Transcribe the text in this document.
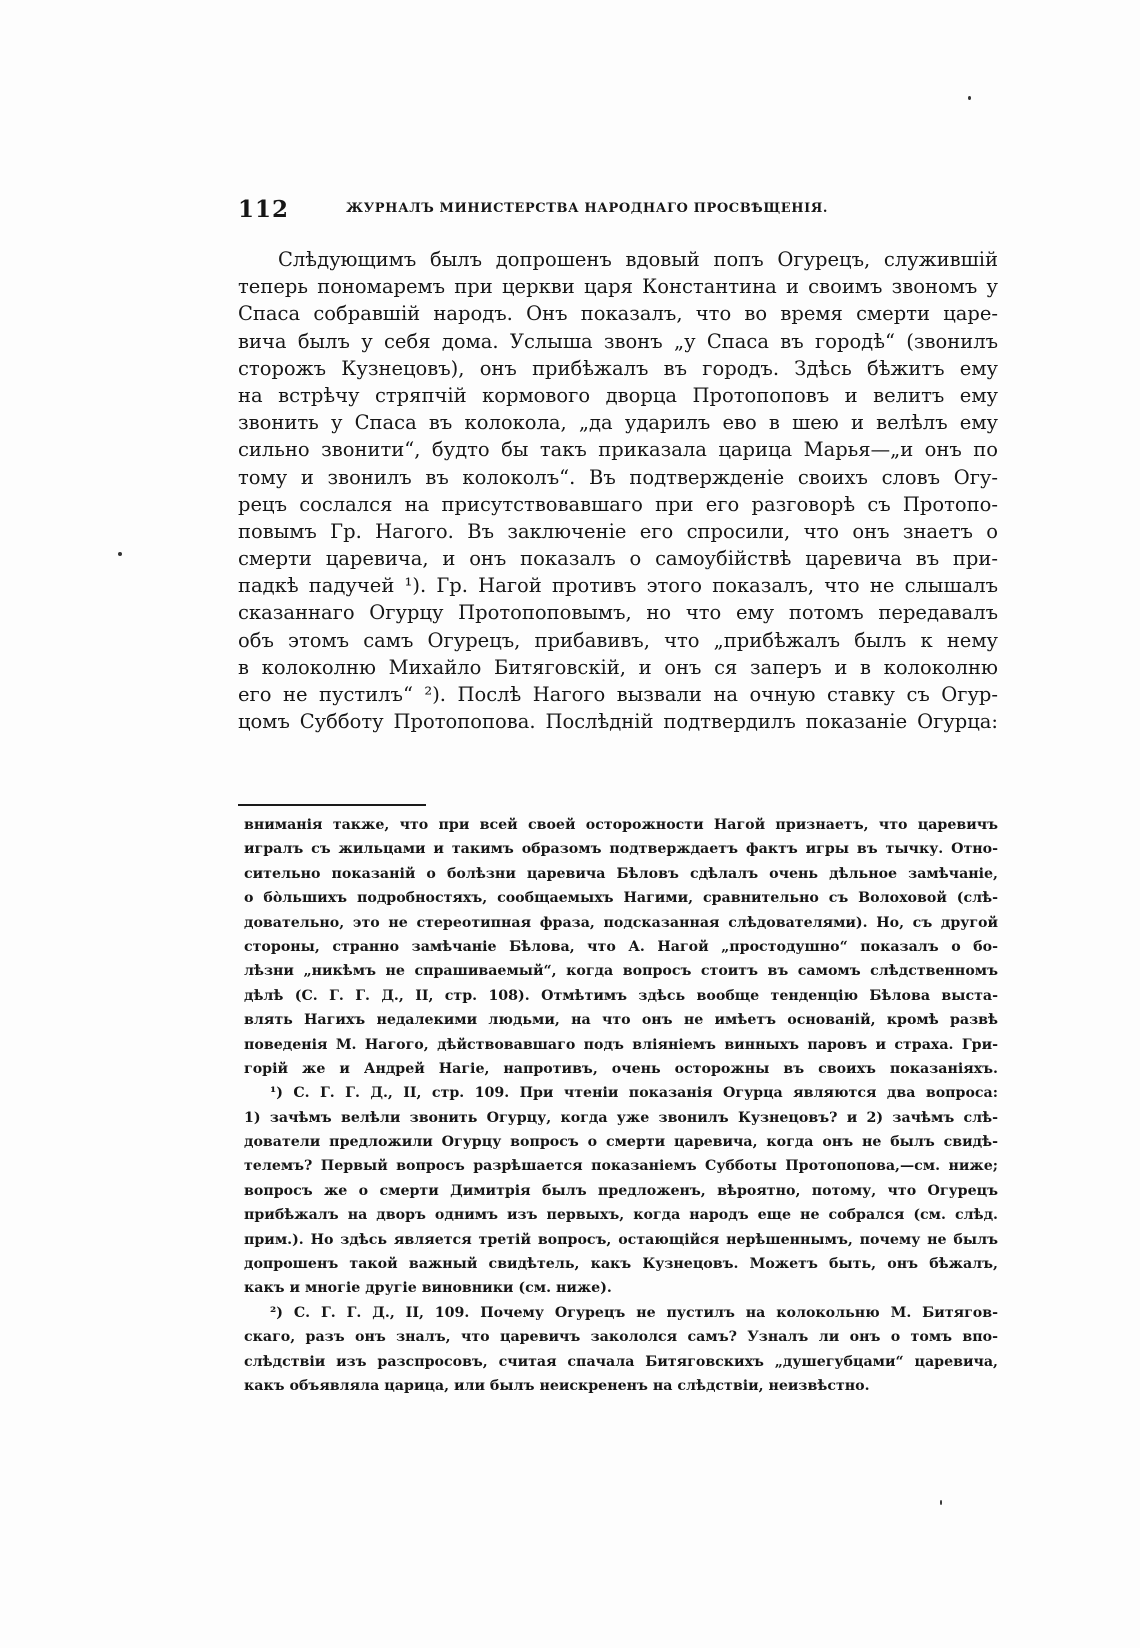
112	ЖУРНАЛЪ МИНИСТЕРСТВА НАРОДНАГО ПРОСВѢЩЕНІЯ.
Слѣдующимъ былъ допрошенъ вдовый попъ Огурецъ, служившій
теперь пономаремъ при церкви царя Константина и своимъ звономъ у
Спаса собравшій народъ. Онъ показалъ, что во время смерти царе-
вича былъ у себя дома. Услыша звонъ „у Спаса въ городѣ“ (звонилъ
сторожъ Кузнецовъ), онъ прибѣжалъ въ городъ. Здѣсь бѣжитъ ему
на встрѣчу стряпчій кормового дворца Протопоповъ и велитъ ему
звонить у Спаса въ колокола, „да ударилъ ево в шею и велѣлъ ему
сильно звонити“, будто бы такъ приказала царица Марья—„и онъ по
тому и звонилъ въ колоколъ“. Въ подтвержденіе своихъ словъ Огу-
рецъ сослался на присутствовавшаго при его разговорѣ съ Протопо-
повымъ Гр. Нагого. Въ заключеніе его спросили, что онъ знаетъ о
смерти царевича, и онъ показалъ о самоубійствѣ царевича въ при-
падкѣ падучей ¹). Гр. Нагой противъ этого показалъ, что не слышалъ
сказаннаго Огурцу Протопоповымъ, но что ему потомъ передавалъ
объ этомъ самъ Огурецъ, прибавивъ, что „прибѣжалъ былъ к нему
в колоколню Михайло Битяговскій, и онъ ся заперъ и в колоколню
его не пустилъ“ ²). Послѣ Нагого вызвали на очную ставку съ Огур-
цомъ Субботу Протопопова. Послѣдній подтвердилъ показаніе Огурца:
вниманія также, что при всей своей осторожности Нагой признаетъ, что царевичъ
игралъ съ жильцами и такимъ образомъ подтверждаетъ фактъ игры въ тычку. Отно-
сительно показаній о болѣзни царевича Бѣловъ сдѣлалъ очень дѣльное замѣчаніе,
о бо̀льшихъ подробностяхъ, сообщаемыхъ Нагими, сравнительно съ Волоховой (слѣ-
довательно, это не стереотипная фраза, подсказанная слѣдователями). Но, съ другой
стороны, странно замѣчаніе Бѣлова, что А. Нагой „простодушно“ показалъ о бо-
лѣзни „никѣмъ не спрашиваемый“, когда вопросъ стоитъ въ самомъ слѣдственномъ
дѣлѣ (С. Г. Г. Д., II, стр. 108). Отмѣтимъ здѣсь вообще тенденцію Бѣлова выста-
влять Нагихъ недалекими людьми, на что онъ не имѣетъ основаній, кромѣ развѣ
поведенія М. Нагого, дѣйствовавшаго подъ вліяніемъ винныхъ паровъ и страха. Гри-
горій же и Андрей Нагіе, напротивъ, очень осторожны въ своихъ показаніяхъ.
¹) С. Г. Г. Д., II, стр. 109. При чтеніи показанія Огурца являются два вопроса:
1) зачѣмъ велѣли звонить Огурцу, когда уже звонилъ Кузнецовъ? и 2) зачѣмъ слѣ-
дователи предложили Огурцу вопросъ о смерти царевича, когда онъ не былъ свидѣ-
телемъ? Первый вопросъ разрѣшается показаніемъ Субботы Протопопова,—см. ниже;
вопросъ же о смерти Димитрія былъ предложенъ, вѣроятно, потому, что Огурецъ
прибѣжалъ на дворъ однимъ изъ первыхъ, когда народъ еще не собрался (см. слѣд.
прим.). Но здѣсь является третій вопросъ, остающійся нерѣшеннымъ, почему не былъ
допрошенъ такой важный свидѣтель, какъ Кузнецовъ. Можетъ быть, онъ бѣжалъ,
какъ и многіе другіе виновники (см. ниже).
²) С. Г. Г. Д., II, 109. Почему Огурецъ не пустилъ на колокольню М. Битягов-
скаго, разъ онъ зналъ, что царевичъ закололся самъ? Узналъ ли онъ о томъ впо-
слѣдствіи изъ разспросовъ, считая спачала Битяговскихъ „душегубцами“ царевича,
какъ объявляла царица, или былъ неискрененъ на слѣдствіи, неизвѣстно.
